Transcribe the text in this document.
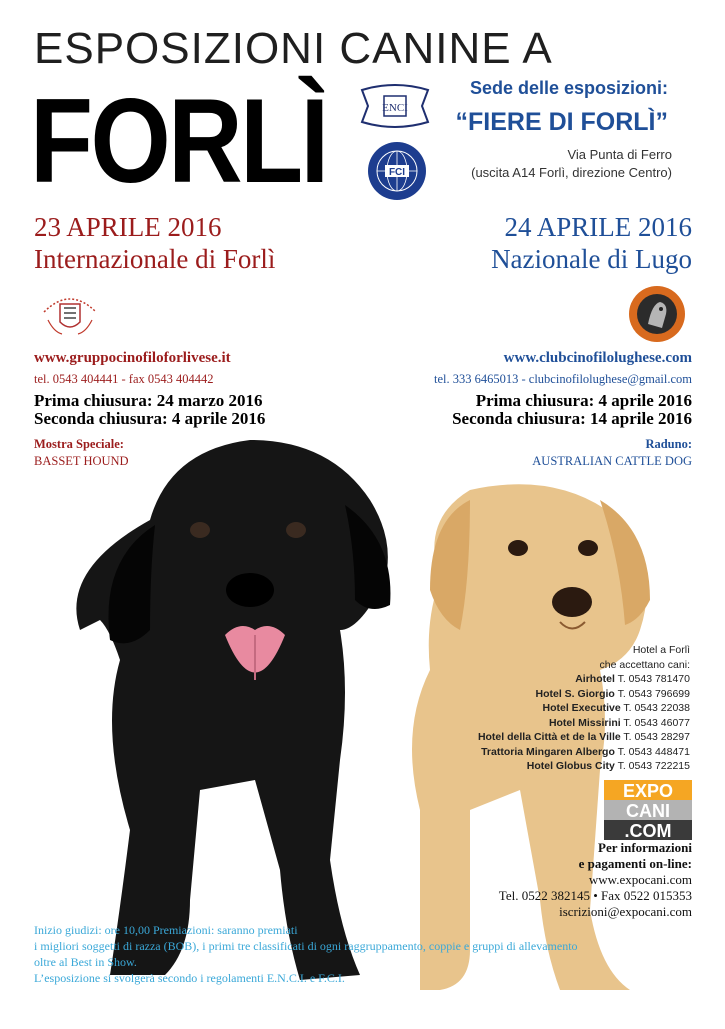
ESPOSIZIONI CANINE A
FORLÌ	ENCI
FCI
Sede delle esposizioni:
“FIERE DI FORLÌ”
Via Punta di Ferro
(uscita A14 Forlì, direzione Centro)
23 APRILE 2016
Internazionale di Forlì
24 APRILE 2016
Nazionale di Lugo
www.gruppocinofiloforlivese.it
tel. 0543 404441 - fax 0543 404442
www.clubcinofilolughese.com
tel. 333 6465013 - clubcinofilolughese@gmail.com
Prima chiusura: 24 marzo 2016
Seconda chiusura: 4 aprile 2016
Prima chiusura: 4 aprile 2016
Seconda chiusura: 14 aprile 2016
Mostra Speciale:
BASSET HOUND
Raduno:
AUSTRALIAN CATTLE DOG
Hotel a Forlì
che accettano cani:
Airhotel T. 0543 781470
Hotel S. Giorgio T. 0543 796699
Hotel Executive T. 0543 22038
Hotel Missirini T. 0543 46077
Hotel della Città et de la Ville T. 0543 28297
Trattoria Mingaren Albergo T. 0543 448471
Hotel Globus City T. 0543 722215
EXPO
CANI
.COM
Per informazioni
e pagamenti on-line:
www.expocani.com
Tel. 0522 382145 • Fax 0522 015353
iscrizioni@expocani.com
Inizio giudizi: ore 10,00 Premiazioni: saranno premiati
i migliori soggetti di razza (BOB), i primi tre classificati di ogni raggruppamento, coppie e gruppi di allevamento
oltre al Best in Show.
L’esposizione si svolgerà secondo i regolamenti E.N.C.I. e F.C.I.
